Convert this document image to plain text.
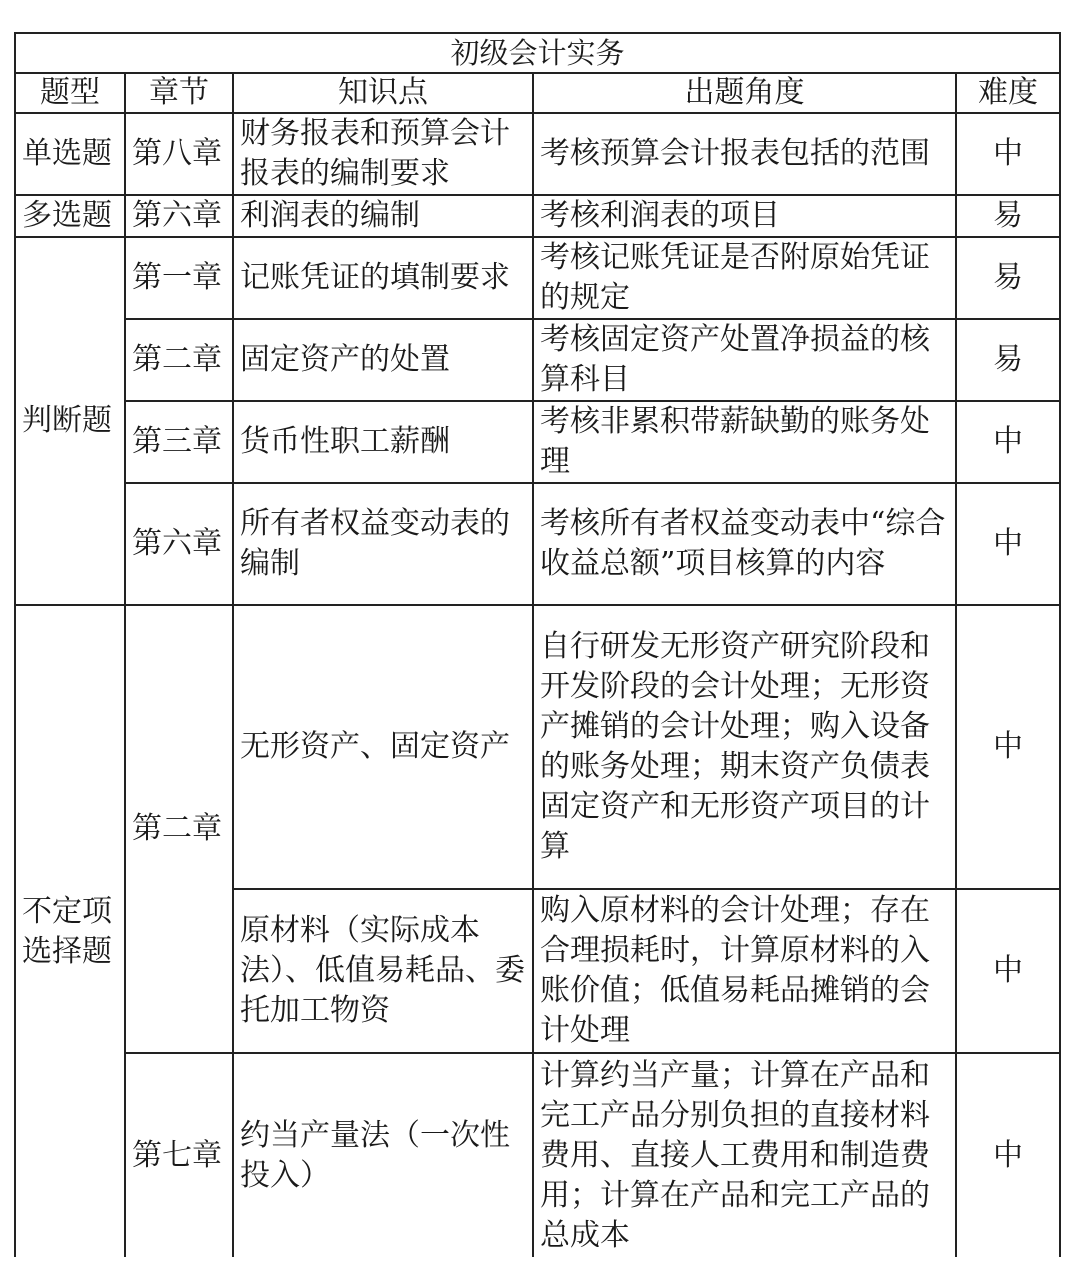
初级会计实务				
题型	章节	知识点	出题角度	难度
单选题	第八章	财务报表和预算会计报表的编制要求	考核预算会计报表包括的范围	中
多选题	第六章	利润表的编制	考核利润表的项目	易
判断题	第一章	记账凭证的填制要求	考核记账凭证是否附原始凭证的规定	易
	第二章	固定资产的处置	考核固定资产处置净损益的核算科目	易
	第三章	货币性职工薪酬	考核非累积带薪缺勤的账务处理	中
	第六章	所有者权益变动表的编制	考核所有者权益变动表中“综合收益总额”项目核算的内容	中
不定项选择题	第二章	无形资产、固定资产	自行研发无形资产研究阶段和开发阶段的会计处理；无形资产摊销的会计处理；购入设备的账务处理；期末资产负债表固定资产和无形资产项目的计算	中
		原材料（实际成本法）、低值易耗品、委托加工物资	购入原材料的会计处理；存在合理损耗时，计算原材料的入账价值；低值易耗品摊销的会计处理	中
	第七章	约当产量法（一次性投入）	计算约当产量；计算在产品和完工产品分别负担的直接材料费用、直接人工费用和制造费用；计算在产品和完工产品的总成本	中
